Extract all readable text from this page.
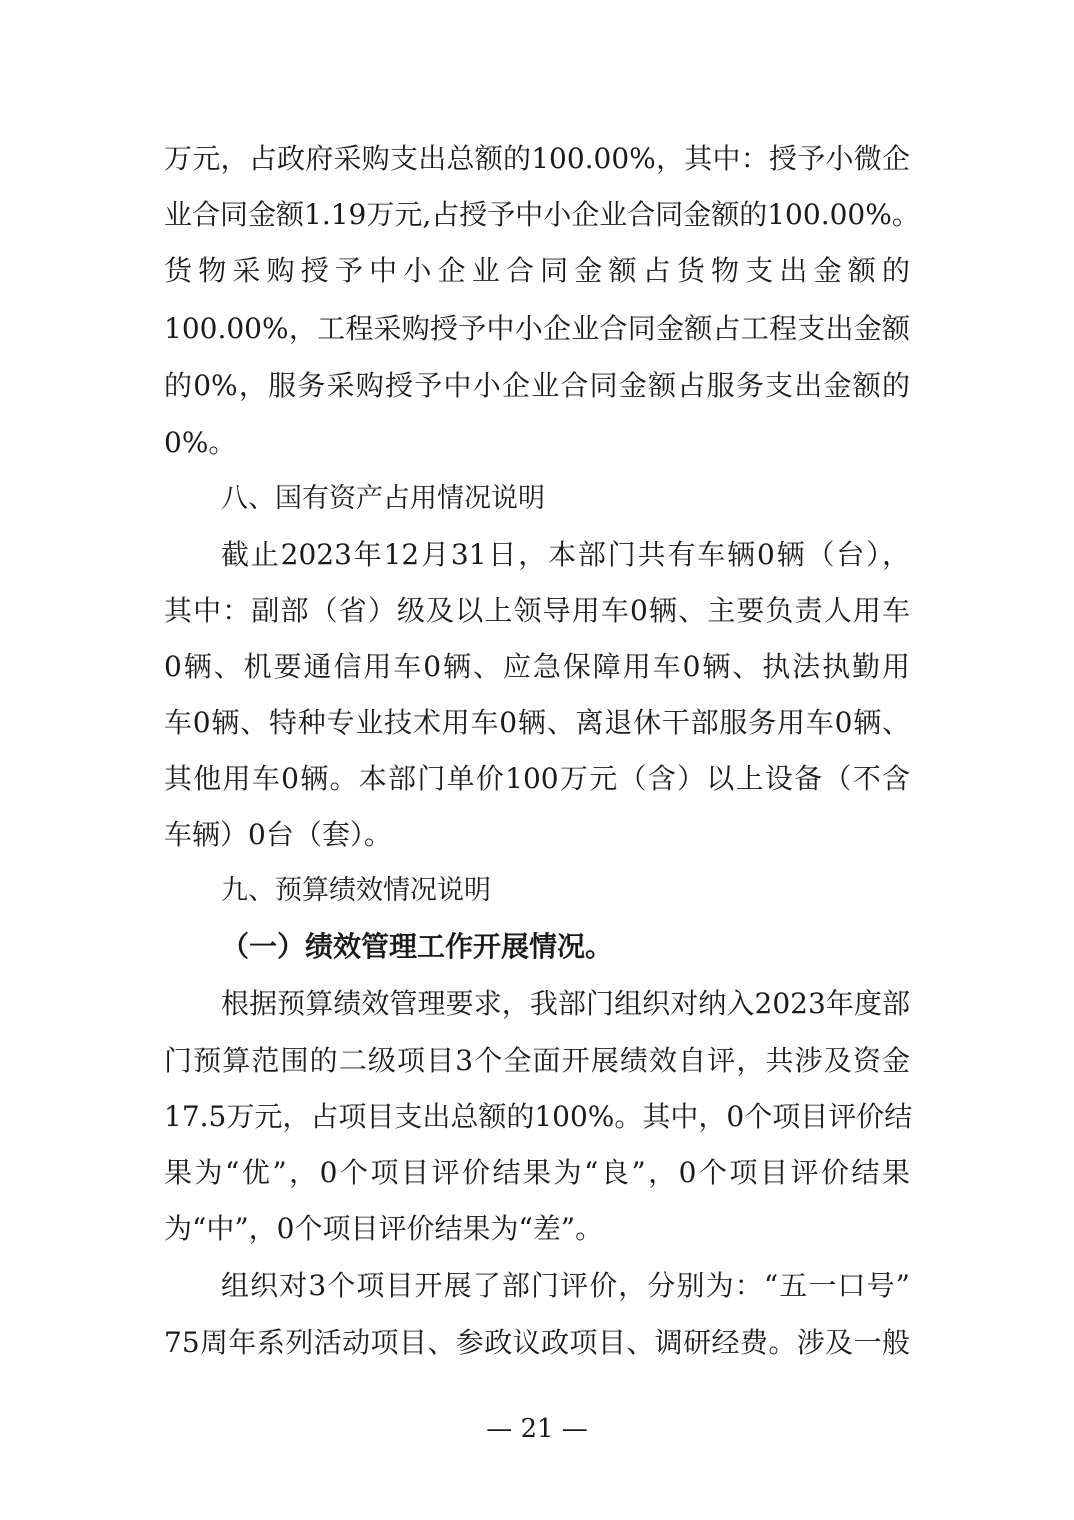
万元，占政府采购支出总额的100.00%，其中：授予小微企
业合同金额1.19万元,占授予中小企业合同金额的100.00%。
货物采购授予中小企业合同金额占货物支出金额的
100.00%，工程采购授予中小企业合同金额占工程支出金额
的0%，服务采购授予中小企业合同金额占服务支出金额的
0%。
八、国有资产占用情况说明
截止2023年12月31日，本部门共有车辆0辆（台），
其中：副部（省）级及以上领导用车0辆、主要负责人用车
0辆、机要通信用车0辆、应急保障用车0辆、执法执勤用
车0辆、特种专业技术用车0辆、离退休干部服务用车0辆、
其他用车0辆。本部门单价100万元（含）以上设备（不含
车辆）0台（套）。
九、预算绩效情况说明
（一）绩效管理工作开展情况。
根据预算绩效管理要求，我部门组织对纳入2023年度部
门预算范围的二级项目3个全面开展绩效自评，共涉及资金
17.5万元，占项目支出总额的100%。其中，0个项目评价结
果为“优”，0个项目评价结果为“良”，0个项目评价结果
为“中”，0个项目评价结果为“差”。
组织对3个项目开展了部门评价，分别为：“五一口号”
75周年系列活动项目、参政议政项目、调研经费。涉及一般
— 21 —
